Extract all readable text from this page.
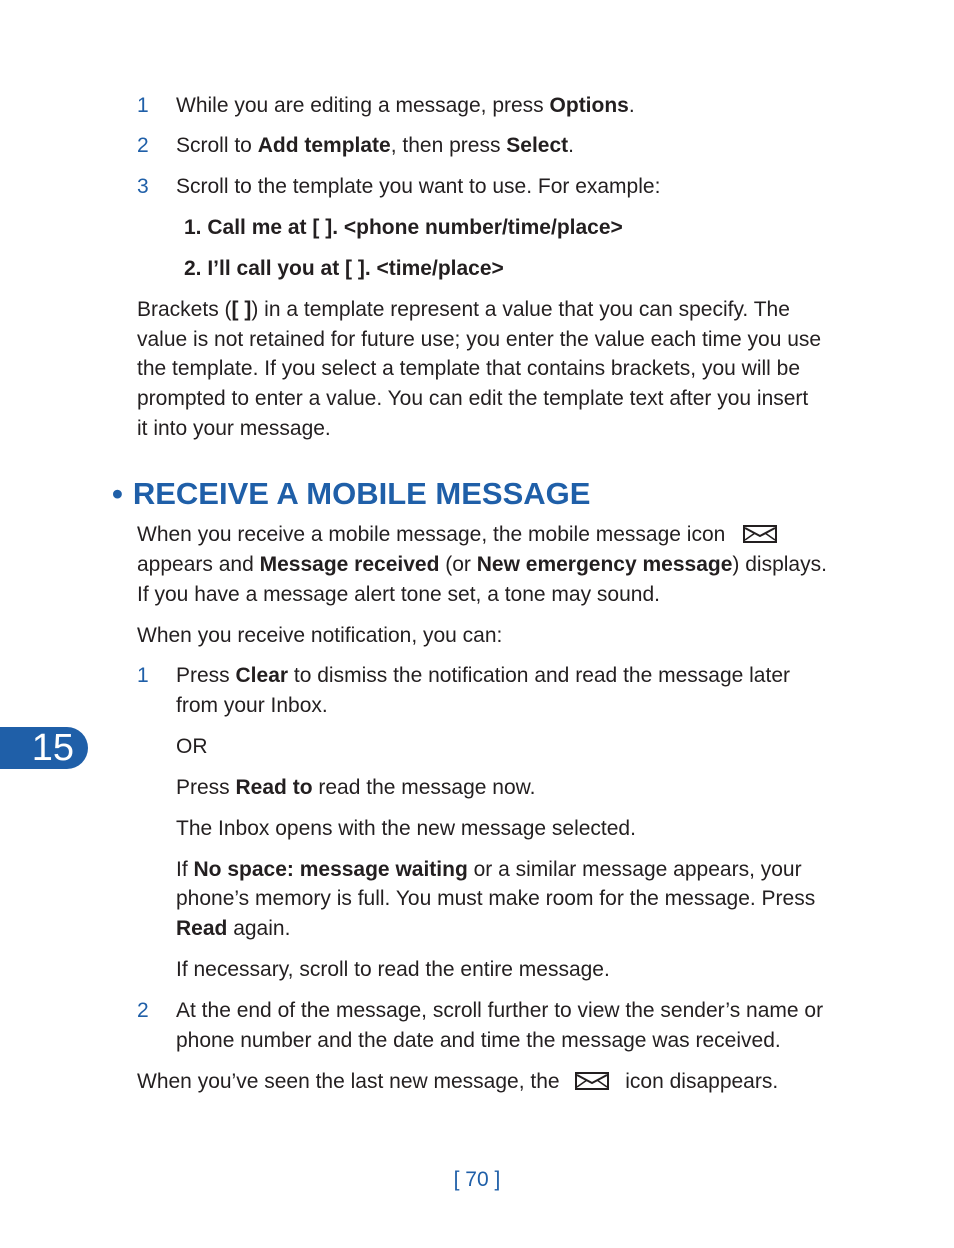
1 While you are editing a message, press Options.
2 Scroll to Add template, then press Select.
3 Scroll to the template you want to use. For example:
1. Call me at [ ]. <phone number/time/place>
2. I’ll call you at [ ]. <time/place>
Brackets ([ ]) in a template represent a value that you can specify. The
value is not retained for future use; you enter the value each time you use
the template. If you select a template that contains brackets, you will be
prompted to enter a value. You can edit the template text after you insert
it into your message.
• RECEIVE A MOBILE MESSAGE
When you receive a mobile message, the mobile message icon
appears and Message received (or New emergency message) displays.
If you have a message alert tone set, a tone may sound.
When you receive notification, you can:
1 Press Clear to dismiss the notification and read the message later
from your Inbox.
OR
Press Read to read the message now.
The Inbox opens with the new message selected.
If No space: message waiting or a similar message appears, your
phone’s memory is full. You must make room for the message. Press
Read again.
If necessary, scroll to read the entire message.
2 At the end of the message, scroll further to view the sender’s name or
phone number and the date and time the message was received.
When you’ve seen the last new message, the	icon disappears.
15
[ 70 ]
